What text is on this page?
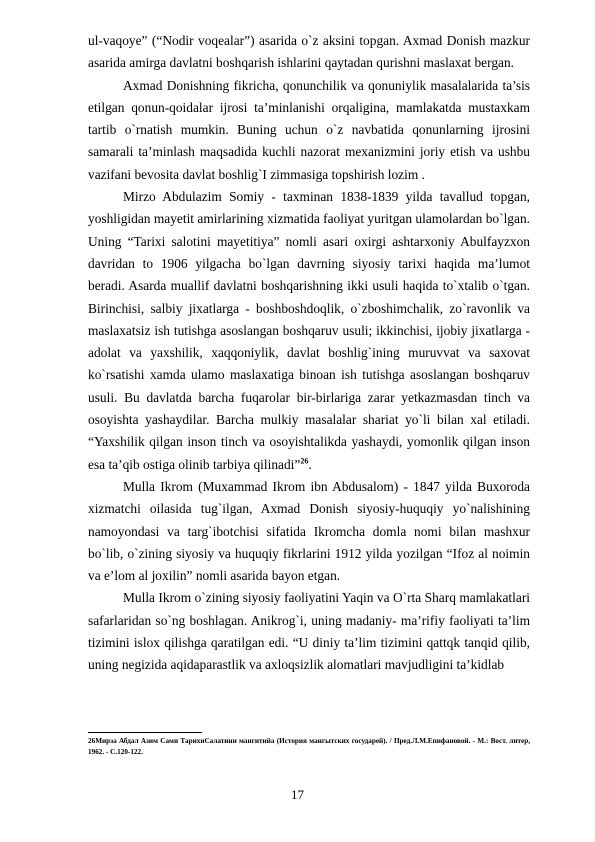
ul-vaqoye” (“Nodir voqealar”) asarida o`z aksini topgan. Axmad Donish mazkur asarida amirga davlatni boshqarish ishlarini qaytadan qurishni maslaxat bergan.

Axmad Donishning fikricha, qonunchilik va qonuniylik masalalarida ta’sis etilgan qonun-qoidalar ijrosi ta’minlanishi orqaligina, mamlakatda mustaxkam tartib o`rnatish mumkin. Buning uchun o`z navbatida qonunlarning ijrosini samarali ta’minlash maqsadida kuchli nazorat mexanizmini joriy etish va ushbu vazifani bevosita davlat boshlig`I zimmasiga topshirish lozim .

Mirzo Abdulazim Somiy - taxminan 1838-1839 yilda tavallud topgan, yoshligidan mayetit amirlarining xizmatida faoliyat yuritgan ulamolardan bo`lgan. Uning “Tarixi salotini mayetitiya” nomli asari oxirgi ashtarxoniy Abulfayzxon davridan to 1906 yilgacha bo`lgan davrning siyosiy tarixi haqida ma’lumot beradi. Asarda muallif davlatni boshqarishning ikki usuli haqida to`xtalib o`tgan. Birinchisi, salbiy jixatlarga - boshboshdoqlik, o`zboshimchalik, zo`ravonlik va maslaxatsiz ish tutishga asoslangan boshqaruv usuli; ikkinchisi, ijobiy jixatlarga - adolat va yaxshilik, xaqqoniylik, davlat boshlig`ining muruvvat va saxovat ko`rsatishi xamda ulamo maslaxatiga binoan ish tutishga asoslangan boshqaruv usuli. Bu davlatda barcha fuqarolar bir-birlariga zarar yetkazmasdan tinch va osoyishta yashaydilar. Barcha mulkiy masalalar shariat yo`li bilan xal etiladi. “Yaxshilik qilgan inson tinch va osoyishtalikda yashaydi, yomonlik qilgan inson esa ta’qib ostiga olinib tarbiya qilinadi”$^{26}$.

Mulla Ikrom (Muxammad Ikrom ibn Abdusalom) - 1847 yilda Buxoroda xizmatchi oilasida tug`ilgan, Axmad Donish siyosiy-huquqiy yo`nalishining namoyondasi va targ`ibotchisi sifatida Ikromcha domla nomi bilan mashxur bo`lib, o`zining siyosiy va huquqiy fikrlarini 1912 yilda yozilgan “Ifoz al noimin va e’lom al joxilin” nomli asarida bayon etgan.

Mulla Ikrom o`zining siyosiy faoliyatini Yaqin va O`rta Sharq mamlakatlari safarlaridan so`ng boshlagan. Anikrog`i, uning madaniy- ma’rifiy faoliyati ta’lim tizimini islox qilishga qaratilgan edi. “U diniy ta’lim tizimini qattqk tanqid qilib, uning negizida aqidaparastlik va axloqsizlik alomatlari mavjudligini ta’kidlab

26Мирза Абдал Азим Сами ТарихиСалатини мангитийа (История мангытских государей). / Пред.Л.М.Епифановой. - М.: Вост. литер, 1962. - С.120-122.
17
